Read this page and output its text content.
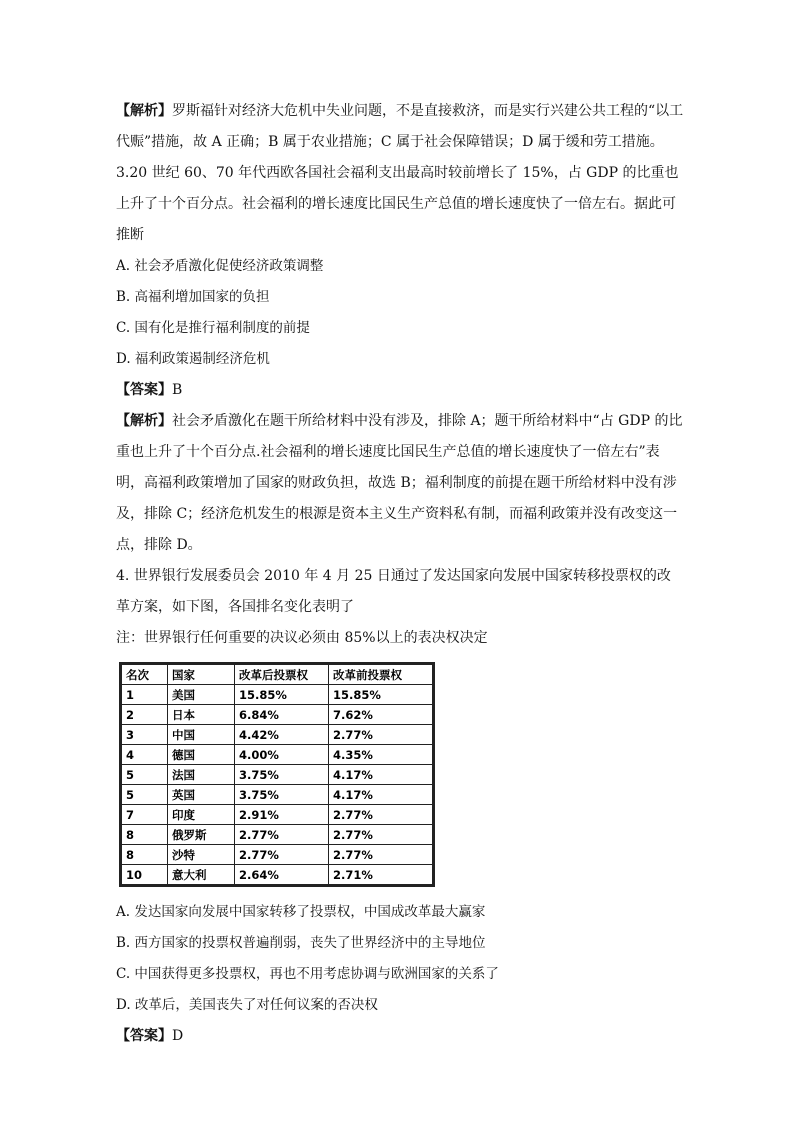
【解析】罗斯福针对经济大危机中失业问题，不是直接救济，而是实行兴建公共工程的“以工代赈”措施，故 A 正确；B 属于农业措施；C 属于社会保障错误；D 属于缓和劳工措施。

3.20 世纪 60、70 年代西欧各国社会福利支出最高时较前增长了 15%，占 GDP 的比重也上升了十个百分点。社会福利的增长速度比国民生产总值的增长速度快了一倍左右。据此可推断

A. 社会矛盾激化促使经济政策调整

B. 高福利增加国家的负担

C. 国有化是推行福利制度的前提

D. 福利政策遏制经济危机

【答案】B

【解析】社会矛盾激化在题干所给材料中没有涉及，排除 A；题干所给材料中“占 GDP 的比重也上升了十个百分点.社会福利的增长速度比国民生产总值的增长速度快了一倍左右”表明，高福利政策增加了国家的财政负担，故选 B；福利制度的前提在题干所给材料中没有涉及，排除 C；经济危机发生的根源是资本主义生产资料私有制，而福利政策并没有改变这一点，排除 D。

4. 世界银行发展委员会 2010 年 4 月 25 日通过了发达国家向发展中国家转移投票权的改革方案，如下图，各国排名变化表明了

注：世界银行任何重要的决议必须由 85%以上的表决权决定

名次	国家	改革后投票权	改革前投票权
1	美国	15.85%	15.85%
2	日本	6.84%	7.62%
3	中国	4.42%	2.77%
4	德国	4.00%	4.35%
5	法国	3.75%	4.17%
5	英国	3.75%	4.17%
7	印度	2.91%	2.77%
8	俄罗斯	2.77%	2.77%
8	沙特	2.77%	2.77%
10	意大利	2.64%	2.71%

A. 发达国家向发展中国家转移了投票权，中国成改革最大赢家

B. 西方国家的投票权普遍削弱，丧失了世界经济中的主导地位

C. 中国获得更多投票权，再也不用考虑协调与欧洲国家的关系了

D. 改革后，美国丧失了对任何议案的否决权

【答案】D
